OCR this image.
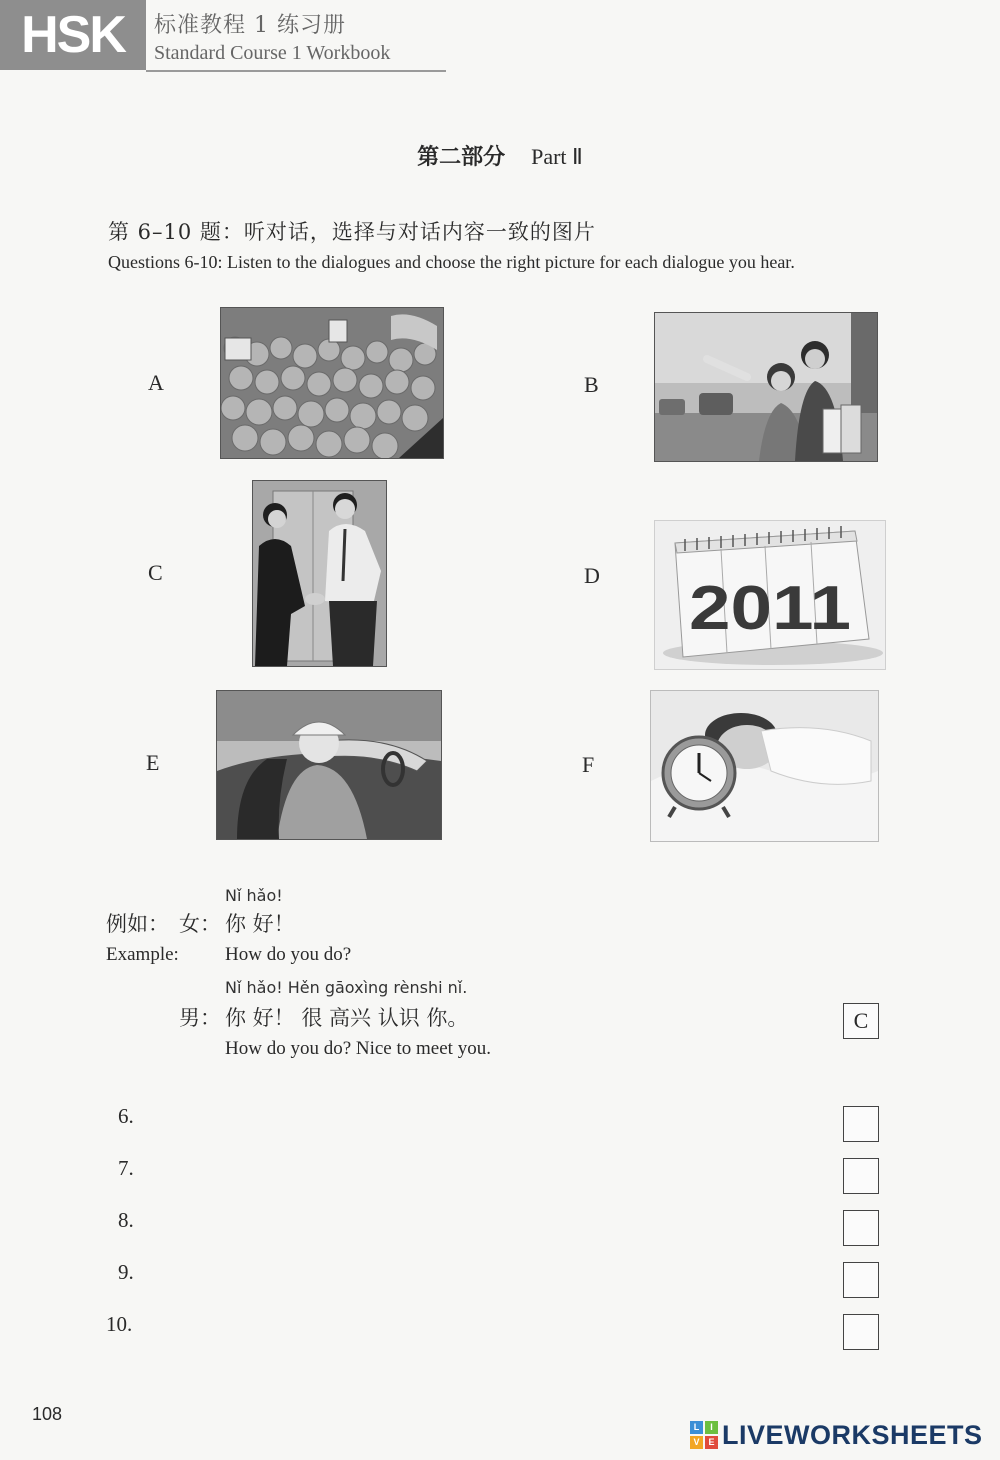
HSK	标准教程 1 练习册
Standard Course 1 Workbook
第二部分 Part Ⅱ
第 6–10 题：听对话，选择与对话内容一致的图片
Questions 6-10: Listen to the dialogues and choose the right picture for each dialogue you hear.
A	B
C	D 2011
E	F
Nǐ hǎo!
例如： 女： 你 好！
Example: How do you do?
Nǐ hǎo! Hěn gāoxìng rènshi nǐ.
男： 你 好！ 很 高兴 认识 你。
How do you do? Nice to meet you.
C
6.
7.
8.
9.
10.
108
L	I
V E LIVEWORKSHEETS
